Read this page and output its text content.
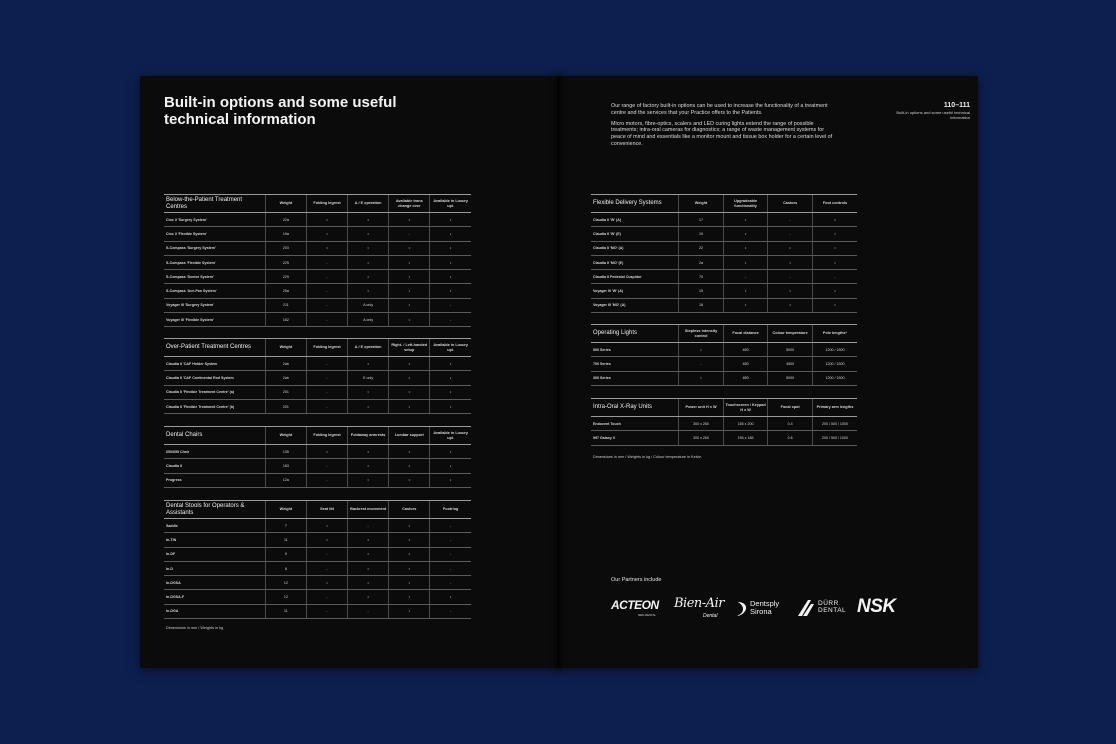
Built-in options and some useful technical information
Below-the-Patient Treatment Centres	Weight	Folding legrest	A / E operation	Available trans change over	Available in Luxury upl.
Ciox II 'Surgery System'	22a	•	•	•	•
Ciox II 'Flexible System'	19a	•	•	-	•
S-Compass 'Surgery System'	203	•	•	•	•
S-Compass 'Flexible System'	225	-	•	•	•
S-Compass 'Doctor System'	229	-	•	•	•
S-Compass 'Ace-Pan System'	25a	-	•	•	•
Voyager III 'Surgery System'	211	-	A only	•	-
Voyager III 'Flexible System'	162	-	A only	•	-
Over-Patient Treatment Centres	Weight	Folding legrest	A / E operation	Right- / Left-handed setup	Available in Luxury upl.
Claudia II 'CAF Holder System	2ab	-	•	•	•
Claudia II 'CAF Continental Rod System	2ab	-	E only	•	•
Claudia II 'Flexible Treatment Centre' (a)	201	-	•	•	•
Claudia II 'Flexible Treatment Centre' (b)	201	-	•	•	•
Dental Chairs	Weight	Folding legrest	Foldaway armrests	Lumbar support	Available in Luxury upl.
650/655 Chair	135	•	•	•	•
Claudia II	163	-	•	•	•
Progress	12a	-	•	•	•
Dental Stools for Operators & Assistants	Weight	Seat tilt	Backrest movement	Castors	Footring
Saddle	7	•	-	•	-
In-TIN	11	•	•	•	-
In-DF	9	-	•	•	-
In-D	8	-	•	•	-
In-DGSA	12	•	•	•	-
In-DGSA-F	12	-	•	•	•
In-DGA	11	-	-	•	-
Dimensions in mm / Weights in kg

Our range of factory built-in options can be used to increase the functionality of a treatment centre and the services that your Practice offers to the Patients.

Micro motors, fibre-optics, scalers and LED curing lights extend the range of possible treatments; intra-oral cameras for diagnostics; a range of waste management systems for peace of mind and essentials like a monitor mount and tissue box holder for a certain level of convenience.

110–111
Built-in options and some useful technical information
Flexible Delivery Systems	Weight	Upgradeable functionality	Castors	Foot controls
Claudia II 'W' (A)	17	•	-	•
Claudia II 'W' (E)	19	•	-	•
Claudia II 'MO' (A)	22	•	•	•
Claudia II 'MO' (E)	2a	•	•	•
Claudia II Pedestal Cuspidor	70	-	-	-
Voyager III 'W' (A)	15	•	•	•
Voyager III 'MO' (A)	18	•	•	•
Operating Lights	Stepless intensity control	Focal distance	Colour temperature	Pole lengths*
500 Series	•	650	5000	1200 / 1500
700 Series	-	650	4500	1200 / 1500
300 Series	•	650	5000	1200 / 1500
Intra-Oral X-Ray Units	Power unit H x W	Touchscreen / Keypad H x W	Focal spot	Primary arm lengths
Endocent Touch	300 x 260	155 x 200	0.4	200 / 500 / 1000
997 Galaxy II	300 x 260	155 x 185	0.6	200 / 500 / 1000
Dimensions in mm / Weights in kg / Colour temperature in Kelvin
Our Partners include
ACTEON
MED-DENTAL
Bien-Air
Dental
Dentsply
Sirona
DÜRR
DENTAL NSK
